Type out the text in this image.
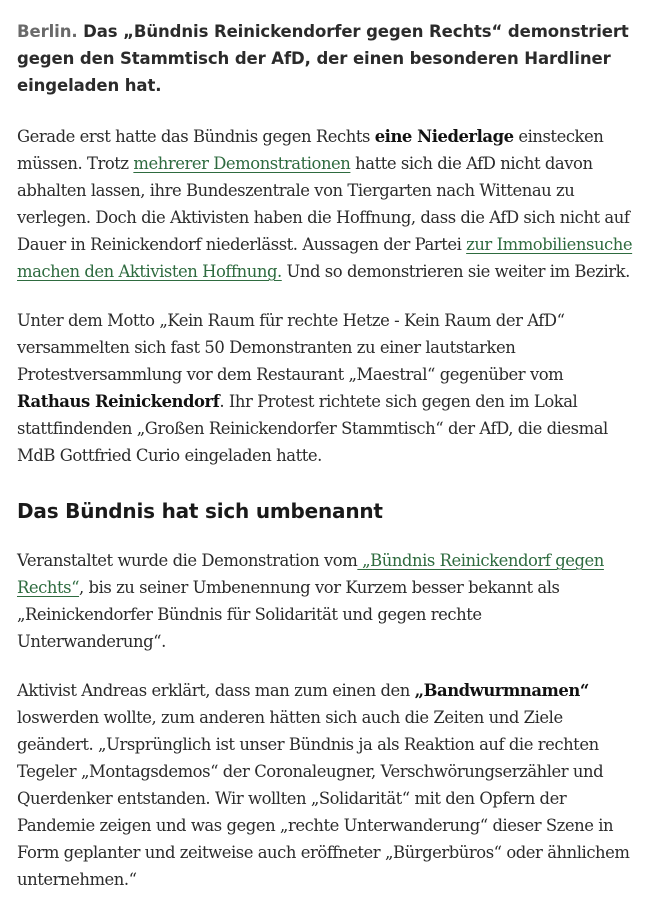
Berlin. Das „Bündnis Reinickendorfer gegen Rechts“ demonstriert gegen den Stammtisch der AfD, der einen besonderen Hardliner eingeladen hat.

Gerade erst hatte das Bündnis gegen Rechts eine Niederlage einstecken müssen. Trotz mehrerer Demonstrationen hatte sich die AfD nicht davon abhalten lassen, ihre Bundeszentrale von Tiergarten nach Wittenau zu verlegen. Doch die Aktivisten haben die Hoffnung, dass die AfD sich nicht auf Dauer in Reinickendorf niederlässt. Aussagen der Partei zur Immobiliensuche machen den Aktivisten Hoffnung. Und so demonstrieren sie weiter im Bezirk.

Unter dem Motto „Kein Raum für rechte Hetze - Kein Raum der AfD“ versammelten sich fast 50 Demonstranten zu einer lautstarken Protestversammlung vor dem Restaurant „Maestral“ gegenüber vom Rathaus Reinickendorf. Ihr Protest richtete sich gegen den im Lokal stattfindenden „Großen Reinickendorfer Stammtisch“ der AfD, die diesmal MdB Gottfried Curio eingeladen hatte.

Das Bündnis hat sich umbenannt

Veranstaltet wurde die Demonstration vom „Bündnis Reinickendorf gegen Rechts“, bis zu seiner Umbenennung vor Kurzem besser bekannt als „Reinickendorfer Bündnis für Solidarität und gegen rechte Unterwanderung“.

Aktivist Andreas erklärt, dass man zum einen den „Bandwurmnamen“ loswerden wollte, zum anderen hätten sich auch die Zeiten und Ziele geändert. „Ursprünglich ist unser Bündnis ja als Reaktion auf die rechten Tegeler „Montagsdemos“ der Coronaleugner, Verschwörungserzähler und Querdenker entstanden. Wir wollten „Solidarität“ mit den Opfern der Pandemie zeigen und was gegen „rechte Unterwanderung“ dieser Szene in Form geplanter und zeitweise auch eröffneter „Bürgerbüros“ oder ähnlichem unternehmen.“
